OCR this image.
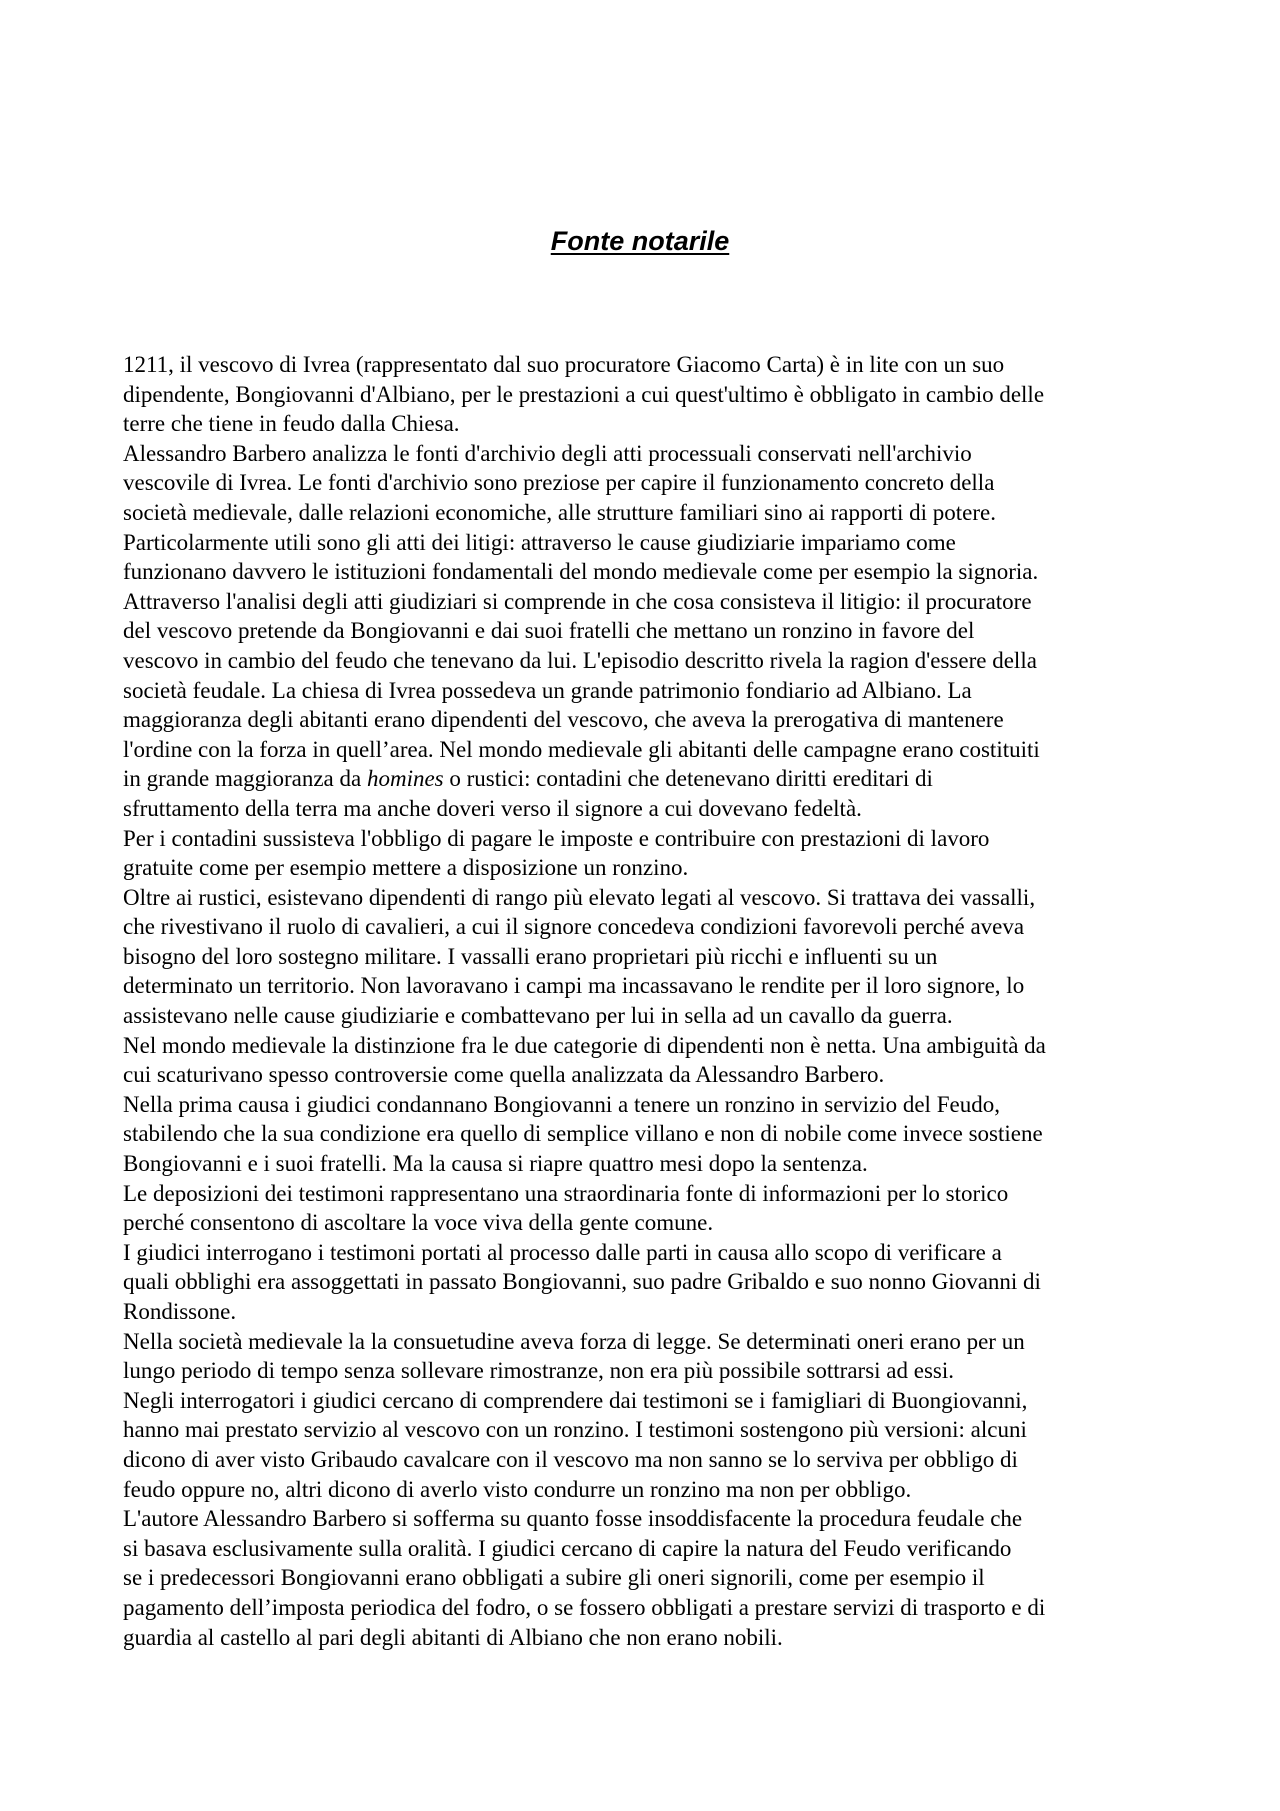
Fonte notarile

1211, il vescovo di Ivrea (rappresentato dal suo procuratore Giacomo Carta) è in lite con un suo
dipendente, Bongiovanni d'Albiano, per le prestazioni a cui quest'ultimo è obbligato in cambio delle
terre che tiene in feudo dalla Chiesa.

Alessandro Barbero analizza le fonti d'archivio degli atti processuali conservati nell'archivio
vescovile di Ivrea. Le fonti d'archivio sono preziose per capire il funzionamento concreto della
società medievale, dalle relazioni economiche, alle strutture familiari sino ai rapporti di potere.

Particolarmente utili sono gli atti dei litigi: attraverso le cause giudiziarie impariamo come
funzionano davvero le istituzioni fondamentali del mondo medievale come per esempio la signoria.

Attraverso l'analisi degli atti giudiziari si comprende in che cosa consisteva il litigio: il procuratore
del vescovo pretende da Bongiovanni e dai suoi fratelli che mettano un ronzino in favore del
vescovo in cambio del feudo che tenevano da lui. L'episodio descritto rivela la ragion d'essere della
società feudale. La chiesa di Ivrea possedeva un grande patrimonio fondiario ad Albiano. La
maggioranza degli abitanti erano dipendenti del vescovo, che aveva la prerogativa di mantenere
l'ordine con la forza in quell’area. Nel mondo medievale gli abitanti delle campagne erano costituiti
in grande maggioranza da homines o rustici: contadini che detenevano diritti ereditari di
sfruttamento della terra ma anche doveri verso il signore a cui dovevano fedeltà.

Per i contadini sussisteva l'obbligo di pagare le imposte e contribuire con prestazioni di lavoro
gratuite come per esempio mettere a disposizione un ronzino.

Oltre ai rustici, esistevano dipendenti di rango più elevato legati al vescovo. Si trattava dei vassalli,
che rivestivano il ruolo di cavalieri, a cui il signore concedeva condizioni favorevoli perché aveva
bisogno del loro sostegno militare. I vassalli erano proprietari più ricchi e influenti su un
determinato un territorio. Non lavoravano i campi ma incassavano le rendite per il loro signore, lo
assistevano nelle cause giudiziarie e combattevano per lui in sella ad un cavallo da guerra.

Nel mondo medievale la distinzione fra le due categorie di dipendenti non è netta. Una ambiguità da
cui scaturivano spesso controversie come quella analizzata da Alessandro Barbero.

Nella prima causa i giudici condannano Bongiovanni a tenere un ronzino in servizio del Feudo,
stabilendo che la sua condizione era quello di semplice villano e non di nobile come invece sostiene
Bongiovanni e i suoi fratelli. Ma la causa si riapre quattro mesi dopo la sentenza.

Le deposizioni dei testimoni rappresentano una straordinaria fonte di informazioni per lo storico
perché consentono di ascoltare la voce viva della gente comune.

I giudici interrogano i testimoni portati al processo dalle parti in causa allo scopo di verificare a
quali obblighi era assoggettati in passato Bongiovanni, suo padre Gribaldo e suo nonno Giovanni di
Rondissone.

Nella società medievale la la consuetudine aveva forza di legge. Se determinati oneri erano per un
lungo periodo di tempo senza sollevare rimostranze, non era più possibile sottrarsi ad essi.

Negli interrogatori i giudici cercano di comprendere dai testimoni se i famigliari di Buongiovanni,
hanno mai prestato servizio al vescovo con un ronzino. I testimoni sostengono più versioni: alcuni
dicono di aver visto Gribaudo cavalcare con il vescovo ma non sanno se lo serviva per obbligo di
feudo oppure no, altri dicono di averlo visto condurre un ronzino ma non per obbligo.

L'autore Alessandro Barbero si sofferma su quanto fosse insoddisfacente la procedura feudale che
si basava esclusivamente sulla oralità. I giudici cercano di capire la natura del Feudo verificando
se i predecessori Bongiovanni erano obbligati a subire gli oneri signorili, come per esempio il
pagamento dell’imposta periodica del fodro, o se fossero obbligati a prestare servizi di trasporto e di
guardia al castello al pari degli abitanti di Albiano che non erano nobili.
